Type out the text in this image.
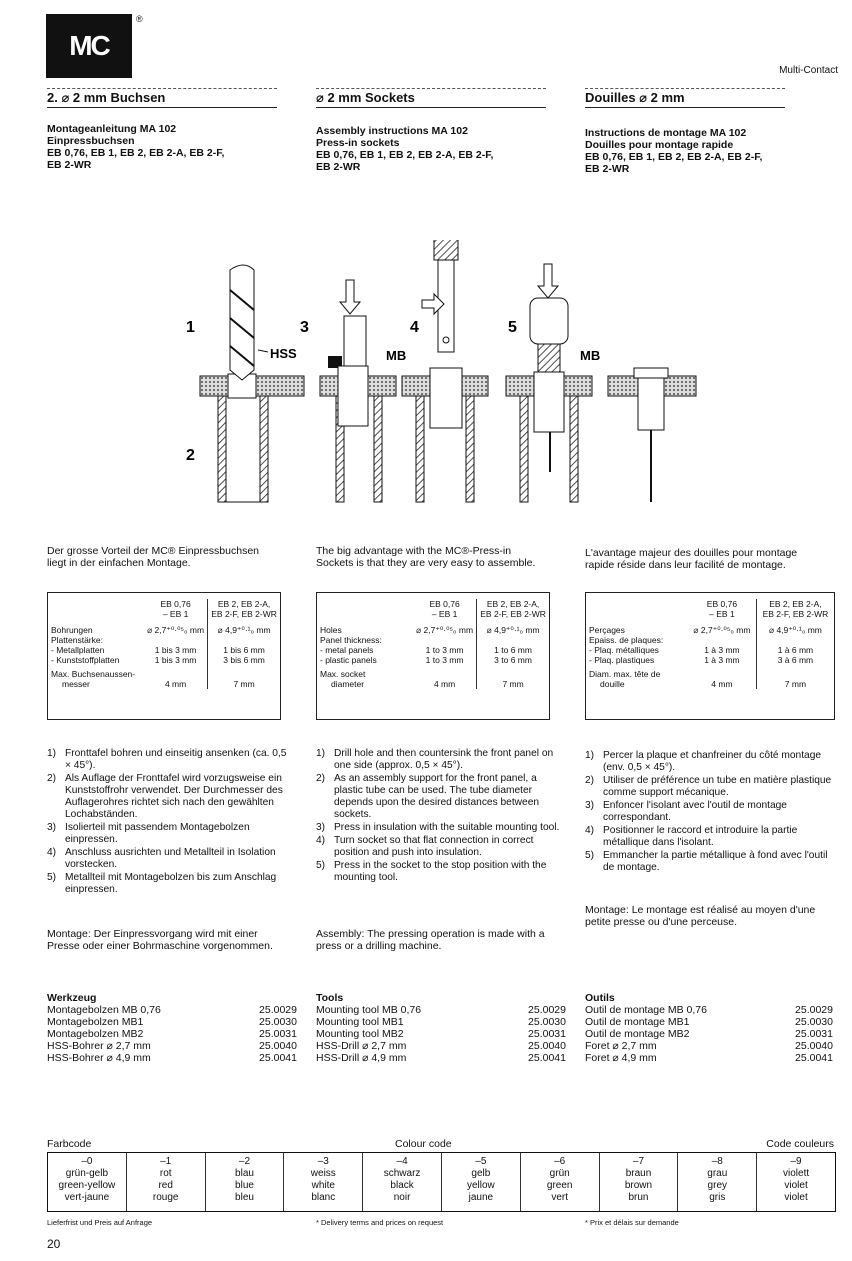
MC
®
Multi-Contact
2. ⌀ 2 mm Buchsen	⌀ 2 mm Sockets	Douilles ⌀ 2 mm
Montageanleitung MA 102
Einpressbuchsen
EB 0,76, EB 1, EB 2, EB 2-A, EB 2-F,
EB 2-WR
Assembly instructions MA 102
Press-in sockets
EB 0,76, EB 1, EB 2, EB 2-A, EB 2-F,
EB 2-WR
Instructions de montage MA 102
Douilles pour montage rapide
EB 0,76, EB 1, EB 2, EB 2-A, EB 2-F,
EB 2-WR
1
2
3	4	5
HSS	MB	MB
Der grosse Vorteil der MC® Einpressbuchsen
liegt in der einfachen Montage.
The big advantage with the MC®-Press-in
Sockets is that they are very easy to assemble.
L'avantage majeur des douilles pour montage
rapide réside dans leur facilité de montage.
	EB 0,76	EB 2, EB 2-A,
	– EB 1	EB 2-F, EB 2-WR
Bohrungen	⌀ 2,7⁺⁰·⁰⁵₀ mm	⌀ 4,9⁺⁰·¹₀ mm
Plattenstärke:		
- Metallplatten	1 bis 3 mm	1 bis 6 mm
- Kunststoffplatten	1 bis 3 mm	3 bis 6 mm
Max. Buchsenaussen-		
messer	4 mm	7 mm
	EB 0,76	EB 2, EB 2-A,
	– EB 1	EB 2-F, EB 2-WR
Holes	⌀ 2,7⁺⁰·⁰⁵₀ mm	⌀ 4,9⁺⁰·¹₀ mm
Panel thickness:		
- metal panels	1 to 3 mm	1 to 6 mm
- plastic panels	1 to 3 mm	3 to 6 mm
Max. socket		
diameter	4 mm	7 mm
	EB 0,76	EB 2, EB 2-A,
	– EB 1	EB 2-F, EB 2-WR
Perçages	⌀ 2,7⁺⁰·⁰⁵₀ mm	⌀ 4,9⁺⁰·¹₀ mm
Epaiss. de plaques:		
- Plaq. métalliques	1 à 3 mm	1 à 6 mm
- Plaq. plastiques	1 à 3 mm	3 à 6 mm
Diam. max. tête de		
douille	4 mm	7 mm
1) Fronttafel bohren und einseitig ansenken (ca. 0,5 × 45°).
2) Als Auflage der Fronttafel wird vorzugsweise ein Kunststoffrohr verwendet. Der Durchmesser des Auflagerohres richtet sich nach den gewählten Lochabständen.
3) Isolierteil mit passendem Montagebolzen einpressen.
4) Anschluss ausrichten und Metallteil in Isolation vorstecken.
5) Metallteil mit Montagebolzen bis zum Anschlag einpressen.
1) Drill hole and then countersink the front panel on one side (approx. 0,5 × 45°).
2) As an assembly support for the front panel, a plastic tube can be used. The tube diameter depends upon the desired distances between sockets.
3) Press in insulation with the suitable mounting tool.
4) Turn socket so that flat connection in correct position and push into insulation.
5) Press in the socket to the stop position with the mounting tool.
1) Percer la plaque et chanfreiner du côté montage (env. 0,5 × 45°).
2) Utiliser de préférence un tube en matière plastique comme support mécanique.
3) Enfoncer l'isolant avec l'outil de montage correspondant.
4) Positionner le raccord et introduire la partie métallique dans l'isolant.
5) Emmancher la partie métallique à fond avec l'outil de montage.
Montage: Der Einpressvorgang wird mit einer Presse oder einer Bohrmaschine vorgenommen.
Assembly: The pressing operation is made with a press or a drilling machine.
Montage: Le montage est réalisé au moyen d'une petite presse ou d'une perceuse.
Werkzeug
Montagebolzen MB 0,76	25.0029
Montagebolzen MB1	25.0030
Montagebolzen MB2	25.0031
HSS-Bohrer ⌀ 2,7 mm	25.0040
HSS-Bohrer ⌀ 4,9 mm	25.0041
Tools
Mounting tool MB 0,76	25.0029
Mounting tool MB1	25.0030
Mounting tool MB2	25.0031
HSS-Drill ⌀ 2,7 mm	25.0040
HSS-Drill ⌀ 4,9 mm	25.0041
Outils
Outil de montage MB 0,76	25.0029
Outil de montage MB1	25.0030
Outil de montage MB2	25.0031
Foret ⌀ 2,7 mm	25.0040
Foret ⌀ 4,9 mm	25.0041
Farbcode	Colour code	Code couleurs
–0
grün-gelb
green-yellow
vert-jaune
–1
rot
red
rouge
–2
blau
blue
bleu
–3
weiss
white
blanc
–4
schwarz
black
noir
–5
gelb
yellow
jaune
–6
grün
green
vert
–7
braun
brown
brun
–8
grau
grey
gris
–9
violett
violet
violet
Lieferfrist und Preis auf Anfrage	* Delivery terms and prices on request	* Prix et délais sur demande
20
